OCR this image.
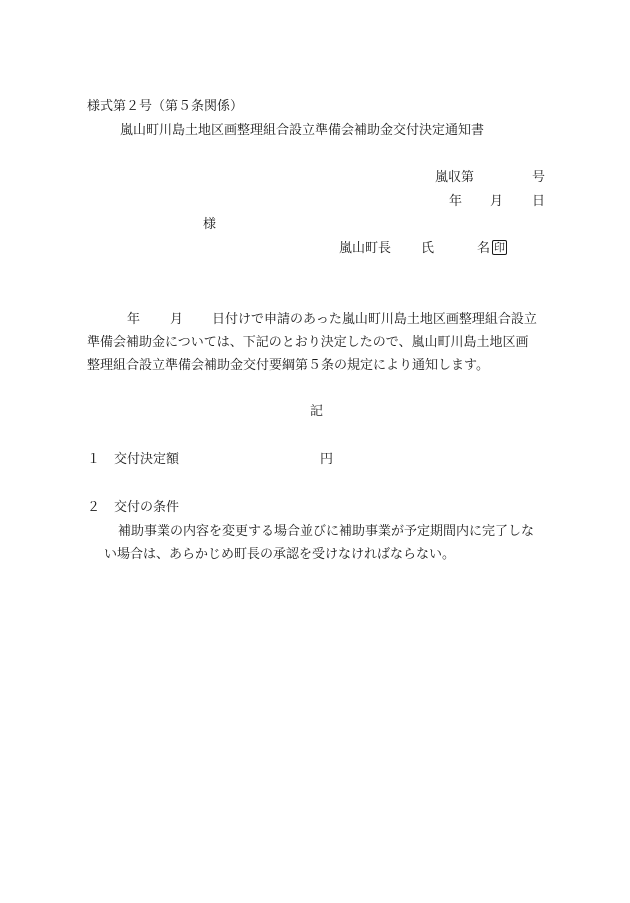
様式第２号（第５条関係）
嵐山町川島土地区画整理組合設立準備会補助金交付決定通知書
嵐収第	号
年 月 日
様
嵐山町長 氏	名 印
年 月 日付けで申請のあった嵐山町川島土地区画整理組合設立
準備会補助金については、下記のとおり決定したので、嵐山町川島土地区画
整理組合設立準備会補助金交付要綱第５条の規定により通知します。
記
１ 交付決定額	円
２ 交付の条件
補助事業の内容を変更する場合並びに補助事業が予定期間内に完了しな
い場合は、あらかじめ町長の承認を受けなければならない。
